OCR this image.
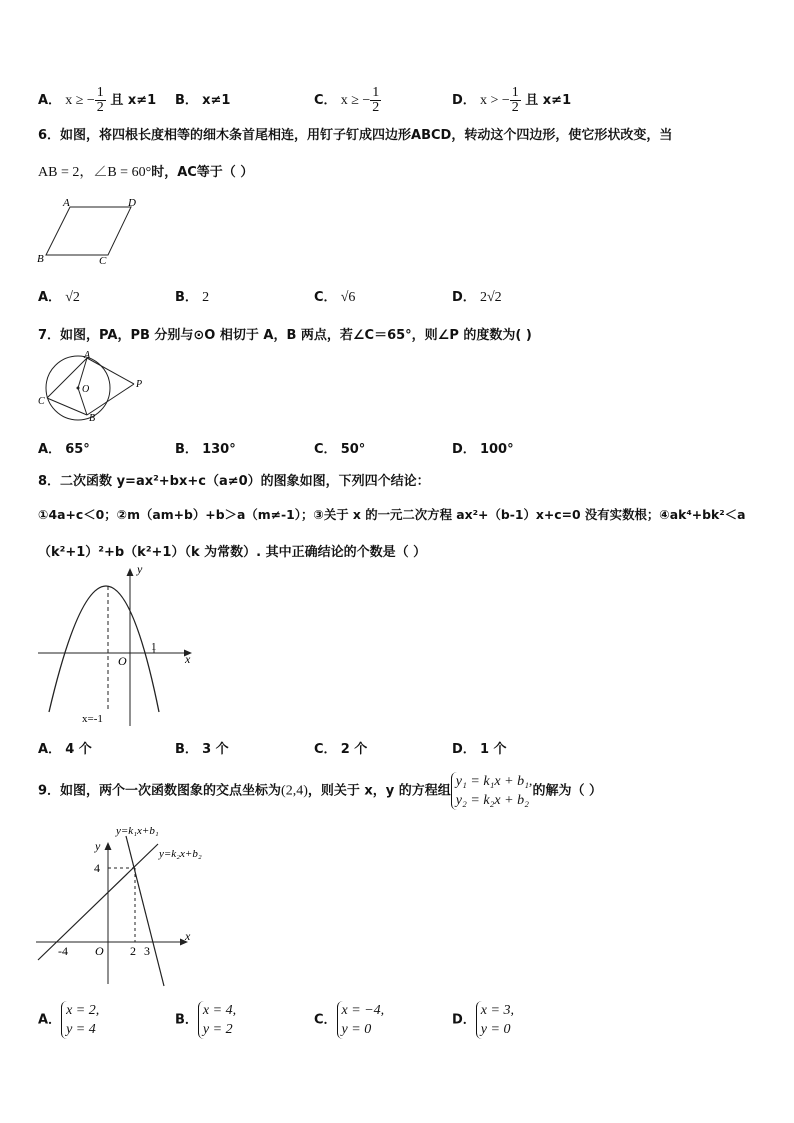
A． x ≥ − $\frac{1}{2}$ 且 x≠1 B． x≠1	C． x ≥ − $\frac{1}{2}$	D． x > − $\frac{1}{2}$ 且 x≠1
6．如图，将四根长度相等的细木条首尾相连，用钉子钉成四边形ABCD，转动这个四边形，使它形状改变，当
AB = 2，∠B = 60°时，AC等于（ ）
A	D
B	C
A． √2	B． 2	C． √6	D． 2√2
7．如图，PA，PB 分别与⊙O 相切于 A，B 两点，若∠C＝65°，则∠P 的度数为( )
A
B
C
O	P
A． 65°	B． 130°	C． 50°	D． 100°
8．二次函数 y=ax²+bx+c（a≠0）的图象如图，下列四个结论：
①4a+c＜0；②m（am+b）+b＞a（m≠-1）；③关于 x 的一元二次方程 ax²+（b-1）x+c=0 没有实数根；④ak⁴+bk²＜a
（k²+1）²+b（k²+1）（k 为常数）. 其中正确结论的个数是（ ）
y
x
O
1
x=-1
A． 4 个	B． 3 个	C． 2 个	D． 1 个
9．如图，两个一次函数图象的交点坐标为(2,4)，则关于 x，y 的方程组
y₁ = k₁x + b₁,
y₂ = k₂x + b₂
的解为（ ）
y=k₁x+b₁
y=k₂x+b₂
y
x
O
4
-4	2 3
A．
x = 2,
y = 4
B．
x = 4,
y = 2
C．
x = −4,
y = 0
D．
x = 3,
y = 0
